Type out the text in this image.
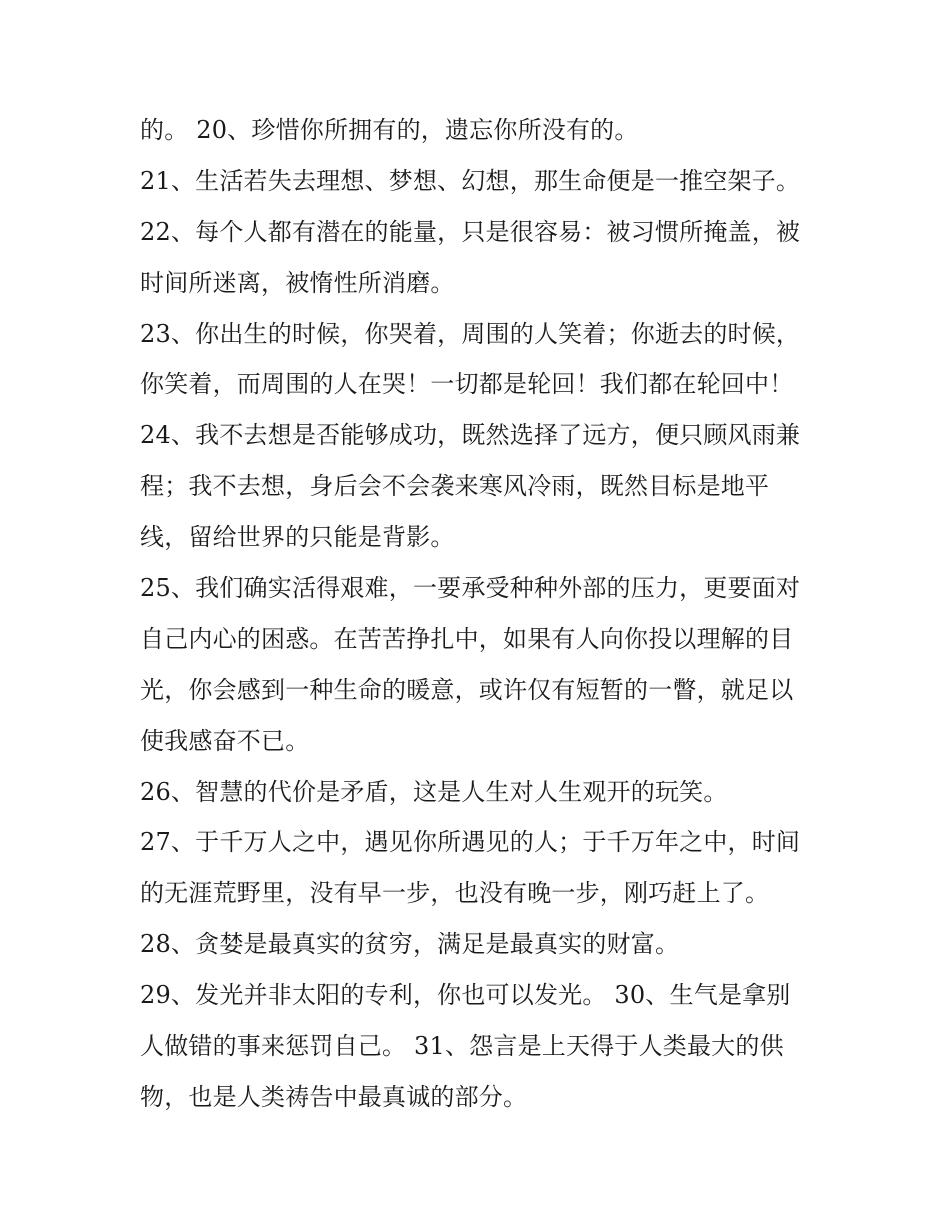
的。 20、珍惜你所拥有的，遗忘你所没有的。
21、生活若失去理想、梦想、幻想，那生命便是一推空架子。
22、每个人都有潜在的能量，只是很容易：被习惯所掩盖，被
时间所迷离，被惰性所消磨。
23、你出生的时候，你哭着，周围的人笑着；你逝去的时候，
你笑着，而周围的人在哭！一切都是轮回！我们都在轮回中！
24、我不去想是否能够成功，既然选择了远方，便只顾风雨兼
程；我不去想，身后会不会袭来寒风冷雨，既然目标是地平
线，留给世界的只能是背影。
25、我们确实活得艰难，一要承受种种外部的压力，更要面对
自己内心的困惑。在苦苦挣扎中，如果有人向你投以理解的目
光，你会感到一种生命的暖意，或许仅有短暂的一瞥，就足以
使我感奋不已。
26、智慧的代价是矛盾，这是人生对人生观开的玩笑。
27、于千万人之中，遇见你所遇见的人；于千万年之中，时间
的无涯荒野里，没有早一步，也没有晚一步，刚巧赶上了。
28、贪婪是最真实的贫穷，满足是最真实的财富。
29、发光并非太阳的专利，你也可以发光。 30、生气是拿别
人做错的事来惩罚自己。 31、怨言是上天得于人类最大的供
物，也是人类祷告中最真诚的部分。
